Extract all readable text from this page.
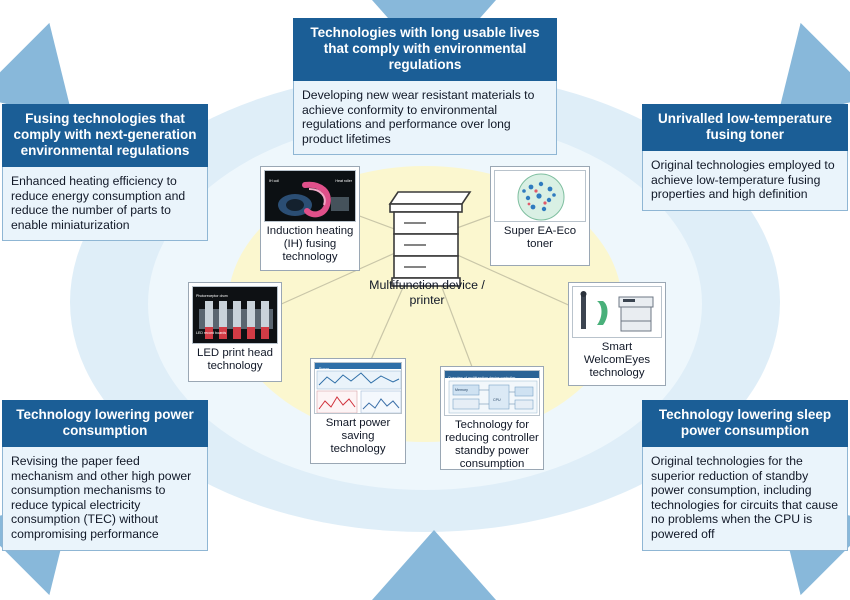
Multifunction device / printer
IH coil	Heat roller
Induction heating (IH) fusing technology
Super EA-Eco toner
Photoreceptor drum
LED record boards
LED print head technology
Smart WelcomEyes technology
Power
Smart power saving technology
Overview of multifunction device controller
Memory
CPU
Technology for reducing controller standby power consumption
Technologies with long usable lives that comply with environmental regulations
Developing new wear resistant materials to achieve conformity to environmental regulations and performance over long product lifetimes
Fusing technologies that comply with next-generation environmental regulations
Enhanced heating efficiency to reduce energy consumption and reduce the number of parts to enable miniaturization
Unrivalled low-temperature fusing toner
Original technologies employed to achieve low-temperature fusing properties and high definition
Technology lowering power consumption
Revising the paper feed mechanism and other high power consumption mechanisms to reduce typical electricity consumption (TEC) without compromising performance
Technology lowering sleep power consumption
Original technologies for the superior reduction of standby power consumption, including technologies for circuits that cause no problems when the CPU is powered off
